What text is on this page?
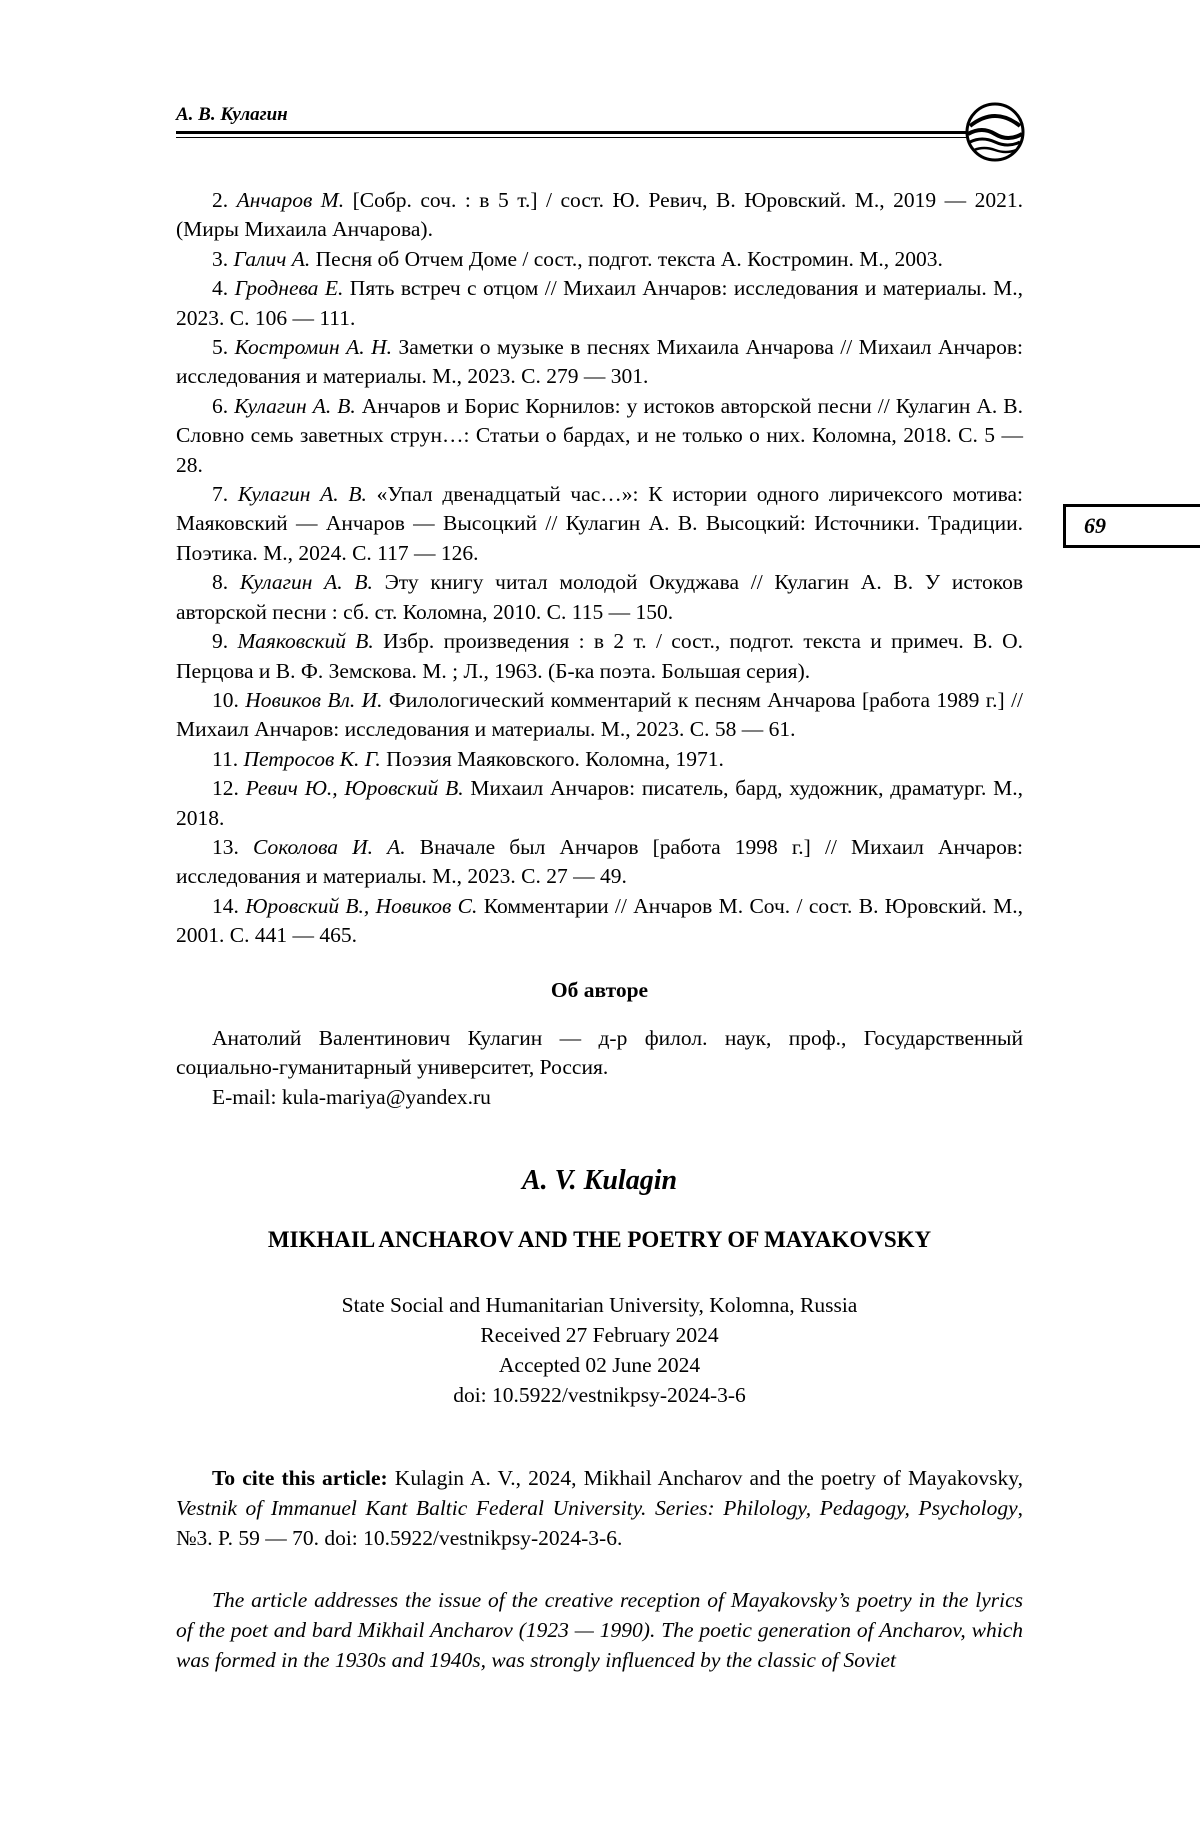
А. В. Кулагин
69

2. Анчаров М. [Собр. соч. : в 5 т.] / сост. Ю. Ревич, В. Юровский. М., 2019 — 2021. (Миры Михаила Анчарова).

3. Галич А. Песня об Отчем Доме / сост., подгот. текста А. Костромин. М., 2003.

4. Гроднева Е. Пять встреч с отцом // Михаил Анчаров: исследования и материалы. М., 2023. С. 106 — 111.

5. Костромин А. Н. Заметки о музыке в песнях Михаила Анчарова // Михаил Анчаров: исследования и материалы. М., 2023. С. 279 — 301.

6. Кулагин А. В. Анчаров и Борис Корнилов: у истоков авторской песни // Кулагин А. В. Словно семь заветных струн…: Статьи о бардах, и не только о них. Коломна, 2018. С. 5 — 28.

7. Кулагин А. В. «Упал двенадцатый час…»: К истории одного лиричексого мотива: Маяковский — Анчаров — Высоцкий // Кулагин А. В. Высоцкий: Источники. Традиции. Поэтика. М., 2024. С. 117 — 126.

8. Кулагин А. В. Эту книгу читал молодой Окуджава // Кулагин А. В. У истоков авторской песни : сб. ст. Коломна, 2010. С. 115 — 150.

9. Маяковский В. Избр. произведения : в 2 т. / сост., подгот. текста и примеч. В. О. Перцова и В. Ф. Земскова. М. ; Л., 1963. (Б-ка поэта. Большая серия).

10. Новиков Вл. И. Филологический комментарий к песням Анчарова [работа 1989 г.] // Михаил Анчаров: исследования и материалы. М., 2023. С. 58 — 61.

11. Петросов К. Г. Поэзия Маяковского. Коломна, 1971.

12. Ревич Ю., Юровский В. Михаил Анчаров: писатель, бард, художник, драматург. М., 2018.

13. Соколова И. А. Вначале был Анчаров [работа 1998 г.] // Михаил Анчаров: исследования и материалы. М., 2023. С. 27 — 49.

14. Юровский В., Новиков С. Комментарии // Анчаров М. Соч. / сост. В. Юровский. М., 2001. С. 441 — 465.

Об авторе

Анатолий Валентинович Кулагин — д-р филол. наук, проф., Государственный социально-гуманитарный университет, Россия.

E-mail: kula-mariya@yandex.ru

A. V. Kulagin
MIKHAIL ANCHAROV AND THE POETRY OF MAYAKOVSKY
State Social and Humanitarian University, Kolomna, Russia
Received 27 February 2024
Accepted 02 June 2024
doi: 10.5922/vestnikpsy-2024-3-6

To cite this article: Kulagin A. V., 2024, Mikhail Ancharov and the poetry of Mayakovsky, Vestnik of Immanuel Kant Baltic Federal University. Series: Philology, Pedagogy, Psychology, №3. P. 59 — 70. doi: 10.5922/vestnikpsy-2024-3-6.

The article addresses the issue of the creative reception of Mayakovsky’s poetry in the lyrics of the poet and bard Mikhail Ancharov (1923 — 1990). The poetic generation of Ancharov, which was formed in the 1930s and 1940s, was strongly influenced by the classic of Soviet
